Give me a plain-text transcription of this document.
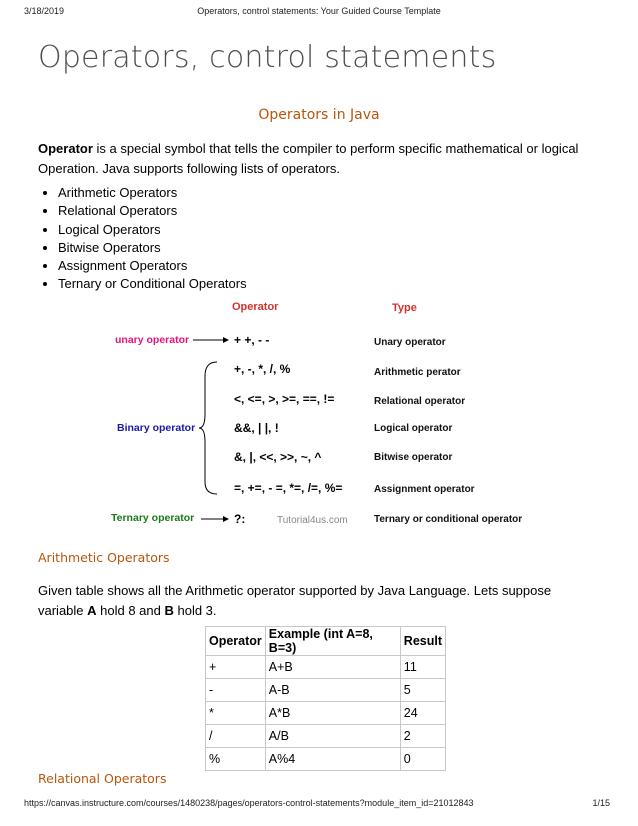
3/18/2019	Operators, control statements: Your Guided Course Template
Operators, control statements
Operators in Java

Operator is a special symbol that tells the compiler to perform specific mathematical or logical Operation. Java supports following lists of operators.

• Arithmetic Operators
• Relational Operators
• Logical Operators
• Bitwise Operators
• Assignment Operators
• Ternary or Conditional Operators
Operator	Type
unary operator
Binary operator
Ternary operator
+ +, - -
+, -, *, /, %
<, <=, >, >=, ==, !=
&&, | |, !
&, |, <<, >>, ~, ^
=, +=, - =, *=, /=, %=
?:	Tutorial4us.com
Unary operator
Arithmetic perator
Relational operator
Logical operator
Bitwise operator
Assignment operator
Ternary or conditional operator
Arithmetic Operators

Given table shows all the Arithmetic operator supported by Java Language. Lets suppose variable A hold 8 and B hold 3.

Operator	Example (int A=8, B=3)	Result
+	A+B	11
-	A-B	5
*	A*B	24
/	A/B	2
%	A%4	0
Relational Operators
https://canvas.instructure.com/courses/1480238/pages/operators-control-statements?module_item_id=21012843	1/15
